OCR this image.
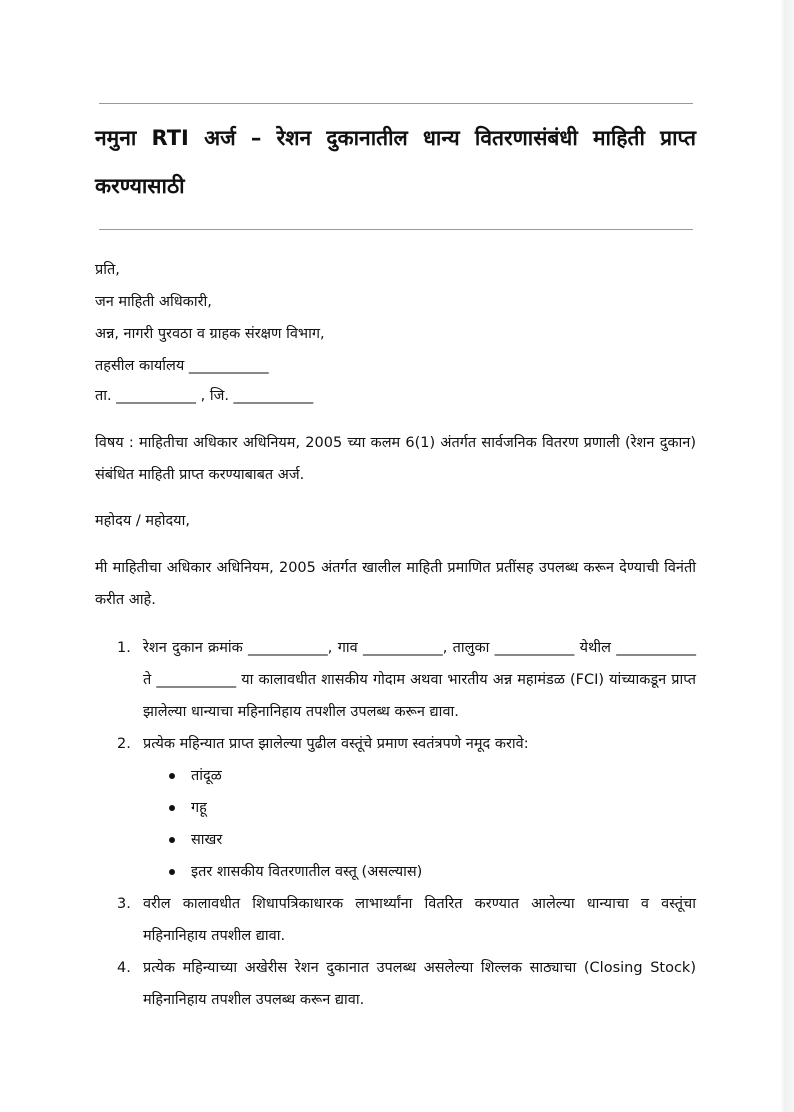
नमुना RTI अर्ज – रेशन दुकानातील धान्य वितरणासंबंधी माहिती प्राप्त करण्यासाठी

प्रति,

जन माहिती अधिकारी,

अन्न, नागरी पुरवठा व ग्राहक संरक्षण विभाग,

तहसील कार्यालय ___________

ता. ___________ , जि. ___________

विषय : माहितीचा अधिकार अधिनियम, 2005 च्या कलम 6(1) अंतर्गत सार्वजनिक वितरण प्रणाली (रेशन दुकान) संबंधित माहिती प्राप्त करण्याबाबत अर्ज.

महोदय / महोदया,

मी माहितीचा अधिकार अधिनियम, 2005 अंतर्गत खालील माहिती प्रमाणित प्रतींसह उपलब्ध करून देण्याची विनंती करीत आहे.

1. रेशन दुकान क्रमांक ___________, गाव ___________, तालुका ___________ येथील ___________ ते ___________ या कालावधीत शासकीय गोदाम अथवा भारतीय अन्न महामंडळ (FCI) यांच्याकडून प्राप्त झालेल्या धान्याचा महिनानिहाय तपशील उपलब्ध करून द्यावा.
2. प्रत्येक महिन्यात प्राप्त झालेल्या पुढील वस्तूंचे प्रमाण स्वतंत्रपणे नमूद करावे:
तांदूळ
गहू
साखर
इतर शासकीय वितरणातील वस्तू (असल्यास)
3. वरील कालावधीत शिधापत्रिकाधारक लाभार्थ्यांना वितरित करण्यात आलेल्या धान्याचा व वस्तूंचा महिनानिहाय तपशील द्यावा.
4. प्रत्येक महिन्याच्या अखेरीस रेशन दुकानात उपलब्ध असलेल्या शिल्लक साठ्याचा (Closing Stock) महिनानिहाय तपशील उपलब्ध करून द्यावा.
